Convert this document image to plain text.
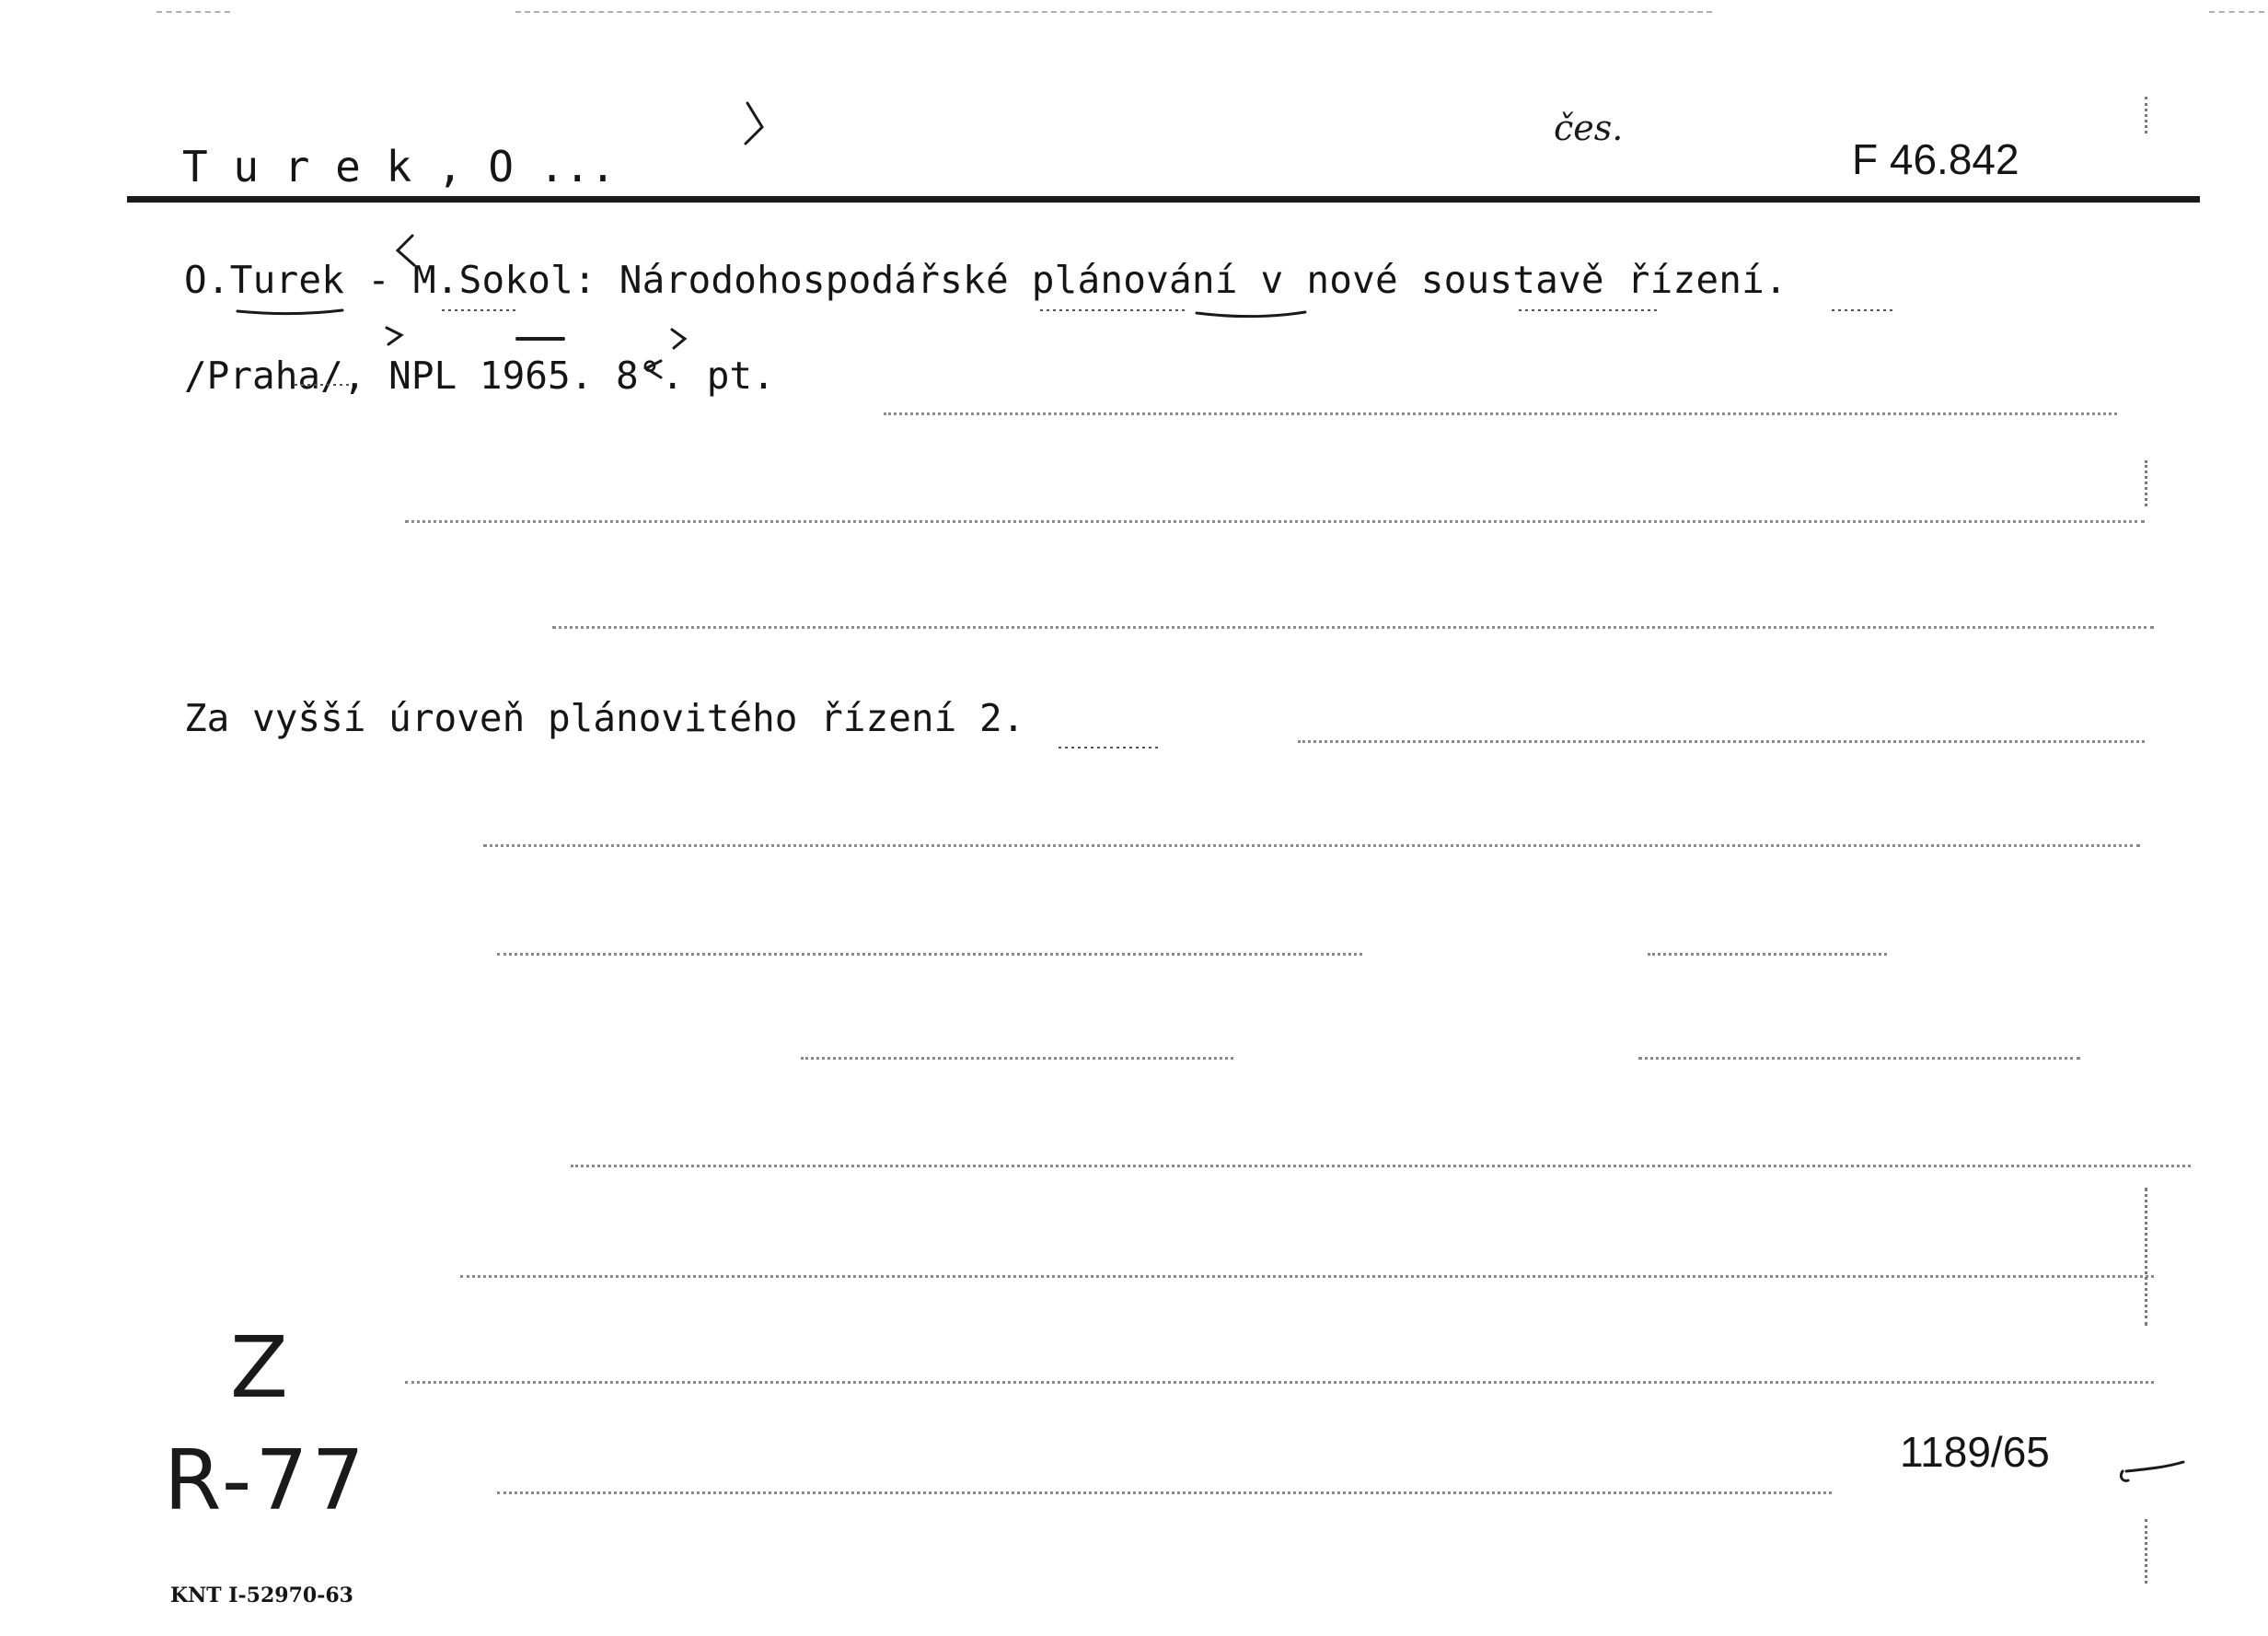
T u r e k , O ...
čes.
F 46.842
O.Turek - M.Sokol: Národohospodářské plánování v nové soustavě řízení.
/Praha/, NPL 1965. 8°. pt.
Za vyšší úroveň plánovitého řízení 2.
Z
R-77	1189/65
KNT I-52970-63
